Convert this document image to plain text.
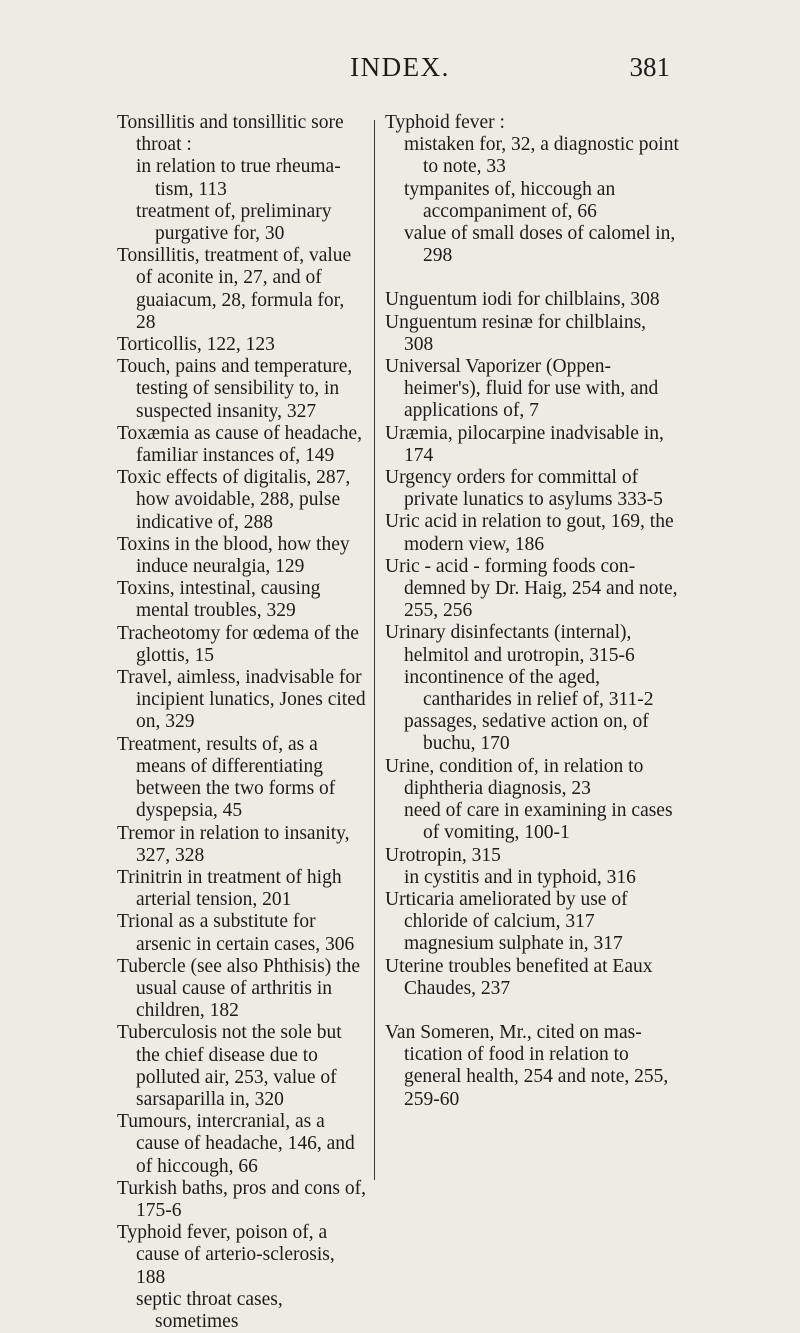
INDEX.	381
Tonsillitis and tonsillitic sore throat :
in relation to true rheumatism, 113
treatment of, preliminary purgative for, 30
Tonsillitis, treatment of, value of aconite in, 27, and of guaiacum, 28, formula for, 28
Torticollis, 122, 123
Touch, pains and temperature, testing of sensibility to, in suspected insanity, 327
Toxæmia as cause of headache, familiar instances of, 149
Toxic effects of digitalis, 287, how avoidable, 288, pulse indicative of, 288
Toxins in the blood, how they induce neuralgia, 129
Toxins, intestinal, causing mental troubles, 329
Tracheotomy for œdema of the glottis, 15
Travel, aimless, inadvisable for incipient lunatics, Jones cited on, 329
Treatment, results of, as a means of differentiating between the two forms of dyspepsia, 45
Tremor in relation to insanity, 327, 328
Trinitrin in treatment of high arterial tension, 201
Trional as a substitute for arsenic in certain cases, 306
Tubercle (see also Phthisis) the usual cause of arthritis in children, 182
Tuberculosis not the sole but the chief disease due to polluted air, 253, value of sarsaparilla in, 320
Tumours, intercranial, as a cause of headache, 146, and of hiccough, 66
Turkish baths, pros and cons of, 175-6
Typhoid fever, poison of, a cause of arterio-sclerosis, 188
septic throat cases, sometimes
Typhoid fever :
mistaken for, 32, a diagnostic point to note, 33
tympanites of, hiccough an accompaniment of, 66
value of small doses of calomel in, 298
Unguentum iodi for chilblains, 308
Unguentum resinæ for chilblains, 308
Universal Vaporizer (Oppenheimer's), fluid for use with, and applications of, 7
Uræmia, pilocarpine inadvisable in, 174
Urgency orders for committal of private lunatics to asylums 333-5
Uric acid in relation to gout, 169, the modern view, 186
Uric - acid - forming foods condemned by Dr. Haig, 254 and note, 255, 256
Urinary disinfectants (internal), helmitol and urotropin, 315-6
incontinence of the aged, cantharides in relief of, 311-2
passages, sedative action on, of buchu, 170
Urine, condition of, in relation to diphtheria diagnosis, 23
need of care in examining in cases of vomiting, 100-1
Urotropin, 315
in cystitis and in typhoid, 316
Urticaria ameliorated by use of chloride of calcium, 317
magnesium sulphate in, 317
Uterine troubles benefited at Eaux Chaudes, 237
Van Someren, Mr., cited on mastication of food in relation to general health, 254 and note, 255, 259-60
